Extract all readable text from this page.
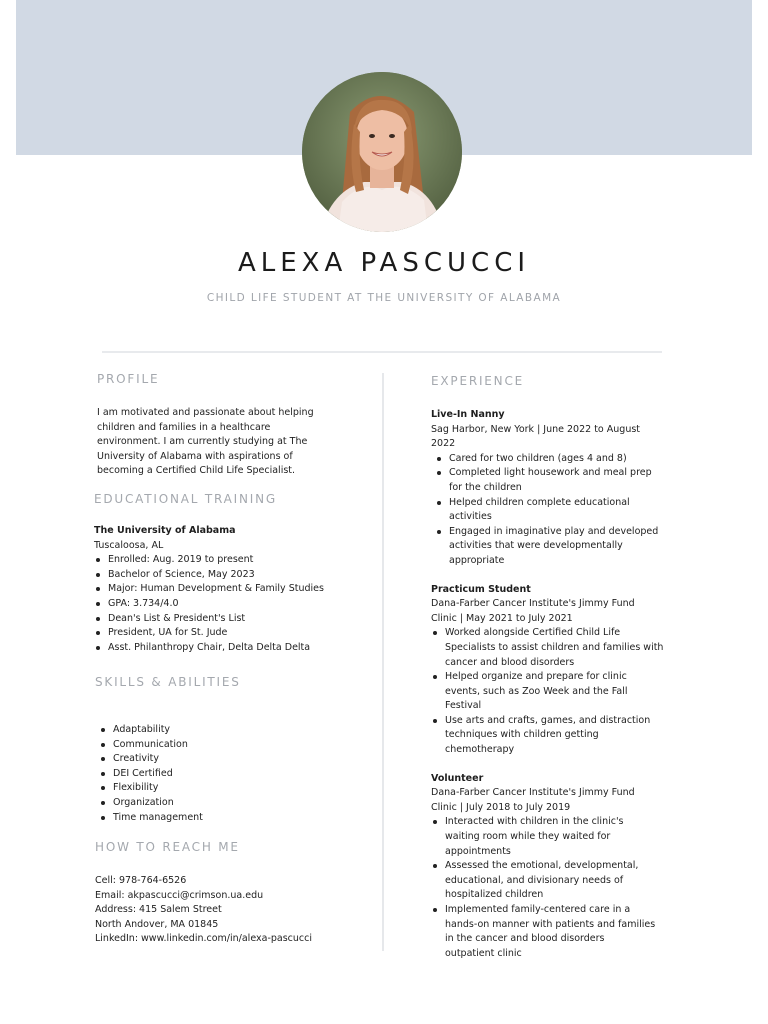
ALEXA PASCUCCI
CHILD LIFE STUDENT AT THE UNIVERSITY OF ALABAMA
PROFILE
I am motivated and passionate about helping
children and families in a healthcare
environment. I am currently studying at The
University of Alabama with aspirations of
becoming a Certified Child Life Specialist.
EDUCATIONAL TRAINING
The University of Alabama
Tuscaloosa, AL
Enrolled: Aug. 2019 to present
Bachelor of Science, May 2023
Major: Human Development & Family Studies
GPA: 3.734/4.0
Dean's List & President's List
President, UA for St. Jude
Asst. Philanthropy Chair, Delta Delta Delta
SKILLS & ABILITIES
Adaptability
Communication
Creativity
DEI Certified
Flexibility
Organization
Time management
HOW TO REACH ME
Cell: 978-764-6526
Email: akpascucci@crimson.ua.edu
Address: 415 Salem Street
North Andover, MA 01845
LinkedIn: www.linkedin.com/in/alexa-pascucci
EXPERIENCE
Live-In Nanny
Sag Harbor, New York | June 2022 to August
2022
Cared for two children (ages 4 and 8)
Completed light housework and meal prep
for the children
Helped children complete educational
activities
Engaged in imaginative play and developed
activities that were developmentally
appropriate
Practicum Student
Dana-Farber Cancer Institute's Jimmy Fund
Clinic | May 2021 to July 2021
Worked alongside Certified Child Life
Specialists to assist children and families with
cancer and blood disorders
Helped organize and prepare for clinic
events, such as Zoo Week and the Fall
Festival
Use arts and crafts, games, and distraction
techniques with children getting
chemotherapy
Volunteer
Dana-Farber Cancer Institute's Jimmy Fund
Clinic | July 2018 to July 2019
Interacted with children in the clinic's
waiting room while they waited for
appointments
Assessed the emotional, developmental,
educational, and divisionary needs of
hospitalized children
Implemented family-centered care in a
hands-on manner with patients and families
in the cancer and blood disorders
outpatient clinic
